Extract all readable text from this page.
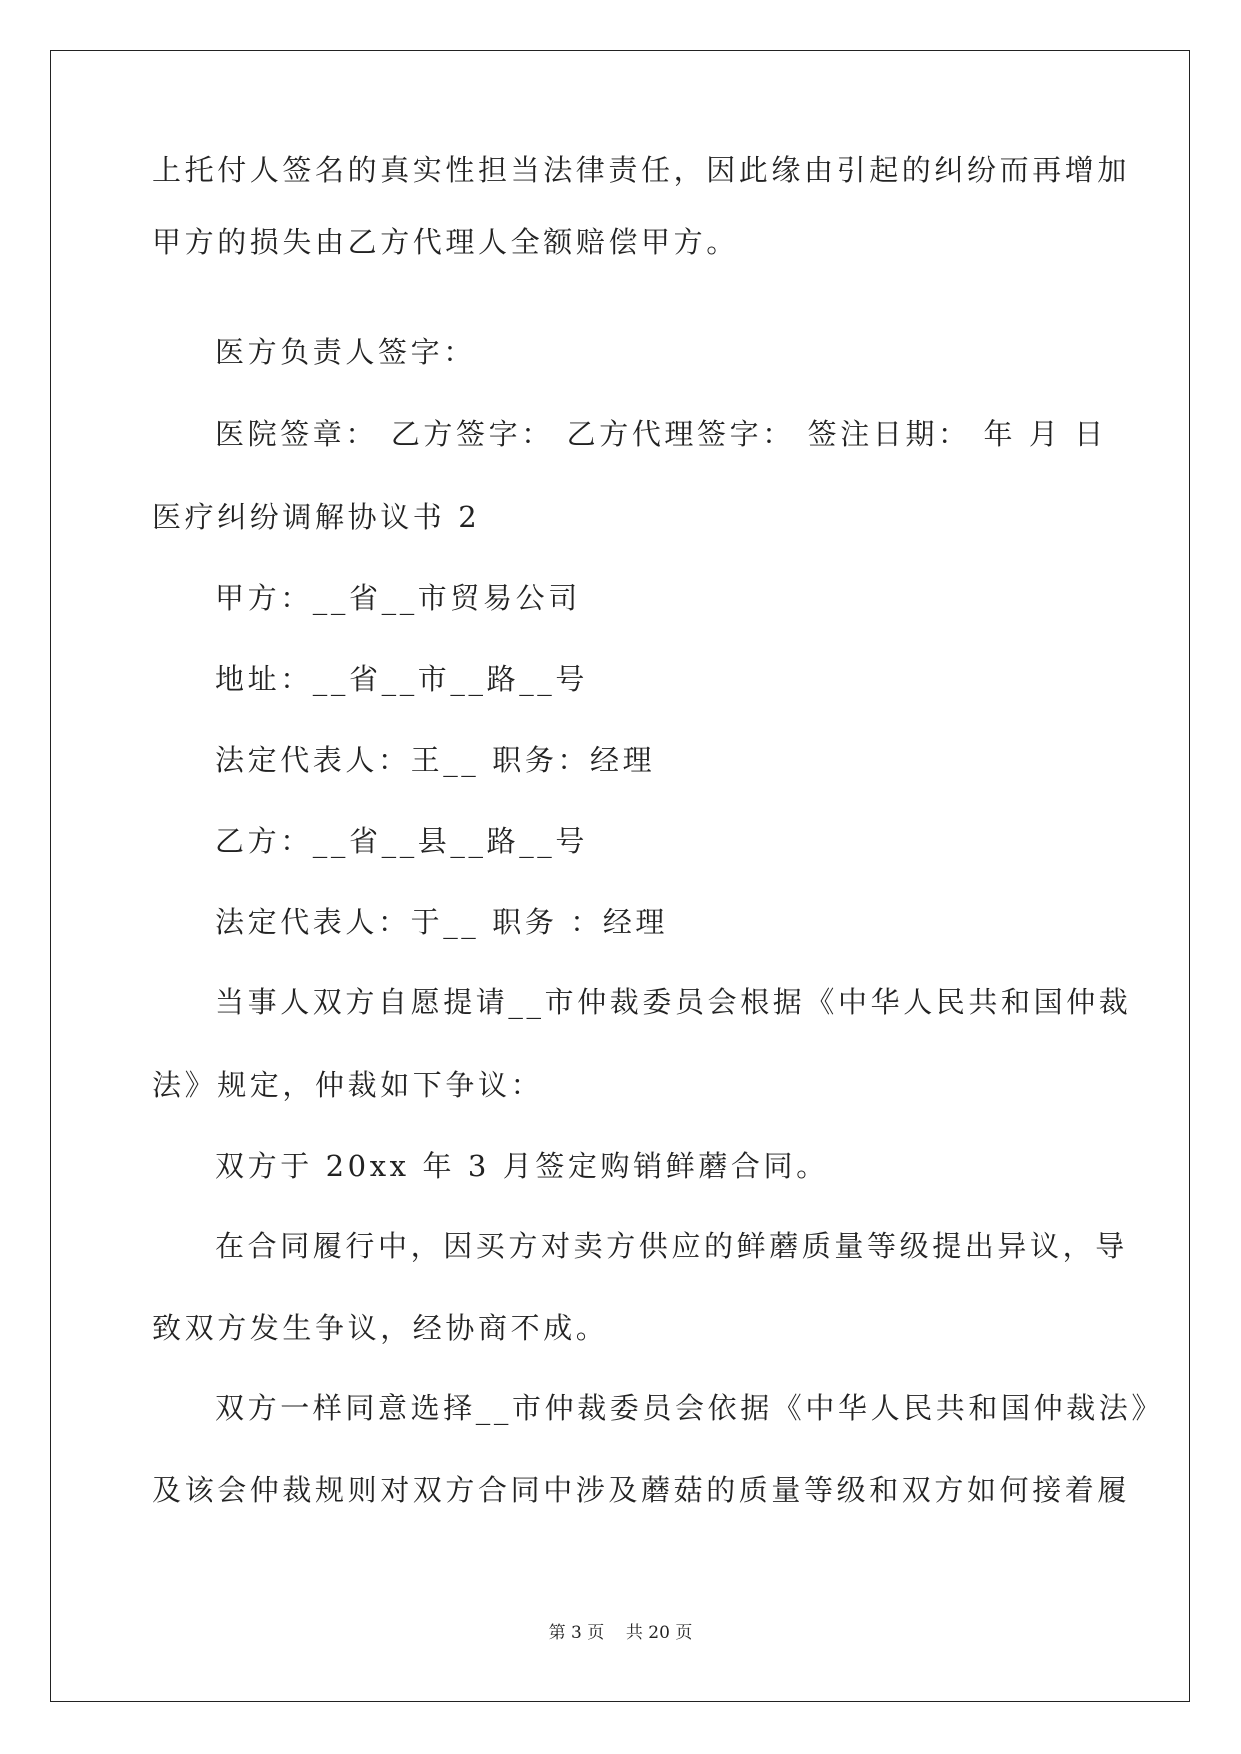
上托付人签名的真实性担当法律责任，因此缘由引起的纠纷而再增加

甲方的损失由乙方代理人全额赔偿甲方。

医方负责人签字：

医院签章： 乙方签字： 乙方代理签字： 签注日期： 年 月 日

医疗纠纷调解协议书 2

甲方：__省__市贸易公司

地址：__省__市__路__号

法定代表人：王__ 职务：经理

乙方：__省__县__路__号

法定代表人：于__ 职务 ：经理

当事人双方自愿提请__市仲裁委员会根据《中华人民共和国仲裁

法》规定，仲裁如下争议：

双方于 20xx 年 3 月签定购销鲜蘑合同。

在合同履行中，因买方对卖方供应的鲜蘑质量等级提出异议，导

致双方发生争议，经协商不成。

双方一样同意选择__市仲裁委员会依据《中华人民共和国仲裁法》

及该会仲裁规则对双方合同中涉及蘑菇的质量等级和双方如何接着履

第 3 页    共 20 页
